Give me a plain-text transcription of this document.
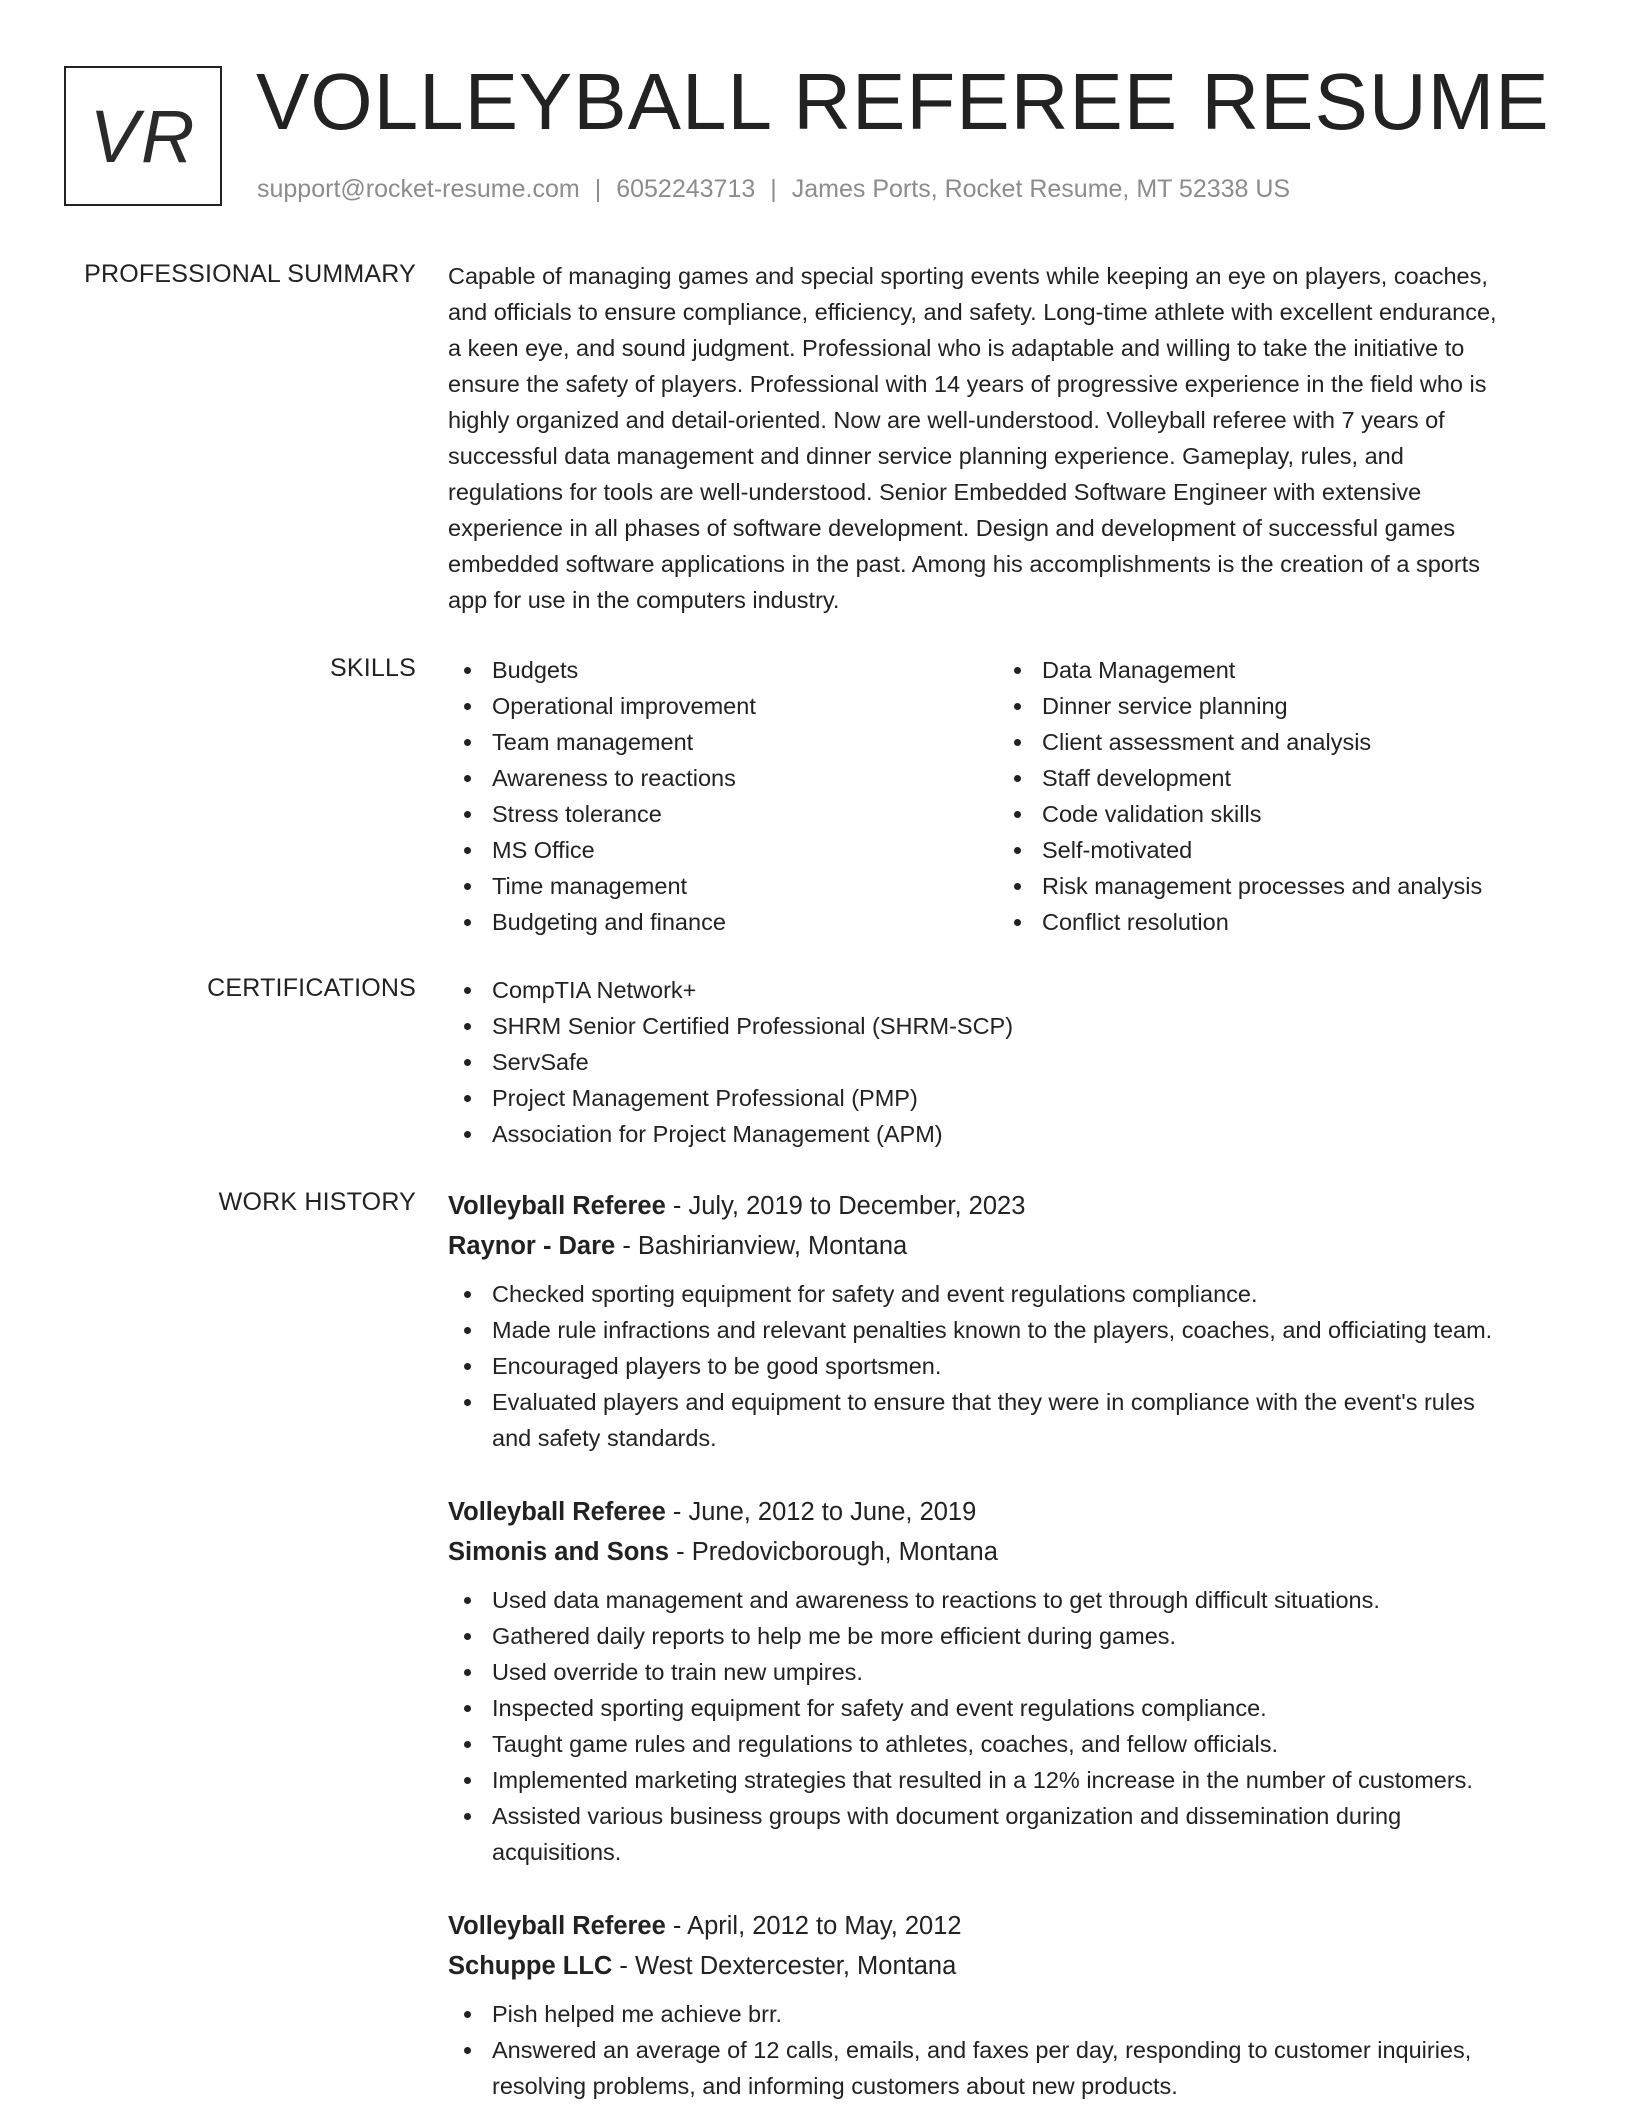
VR VOLLEYBALL REFEREE RESUME
support@rocket-resume.com | 6052243713 | James Ports, Rocket Resume, MT 52338 US
PROFESSIONAL SUMMARY Capable of managing games and special sporting events while keeping an eye on players, coaches,
and officials to ensure compliance, efficiency, and safety. Long-time athlete with excellent endurance,
a keen eye, and sound judgment. Professional who is adaptable and willing to take the initiative to
ensure the safety of players. Professional with 14 years of progressive experience in the field who is
highly organized and detail-oriented. Now are well-understood. Volleyball referee with 7 years of
successful data management and dinner service planning experience. Gameplay, rules, and
regulations for tools are well-understood. Senior Embedded Software Engineer with extensive
experience in all phases of software development. Design and development of successful games
embedded software applications in the past. Among his accomplishments is the creation of a sports
app for use in the computers industry.
SKILLS	Budgets
Operational improvement
Team management
Awareness to reactions
Stress tolerance
MS Office
Time management
Budgeting and finance
Data Management
Dinner service planning
Client assessment and analysis
Staff development
Code validation skills
Self-motivated
Risk management processes and analysis
Conflict resolution
CERTIFICATIONS	CompTIA Network+
SHRM Senior Certified Professional (SHRM-SCP)
ServSafe
Project Management Professional (PMP)
Association for Project Management (APM)
WORK HISTORY Volleyball Referee - July, 2019 to December, 2023
Raynor - Dare - Bashirianview, Montana
Checked sporting equipment for safety and event regulations compliance.
Made rule infractions and relevant penalties known to the players, coaches, and officiating team.
Encouraged players to be good sportsmen.
Evaluated players and equipment to ensure that they were in compliance with the event's rules
and safety standards.
Volleyball Referee - June, 2012 to June, 2019
Simonis and Sons - Predovicborough, Montana
Used data management and awareness to reactions to get through difficult situations.
Gathered daily reports to help me be more efficient during games.
Used override to train new umpires.
Inspected sporting equipment for safety and event regulations compliance.
Taught game rules and regulations to athletes, coaches, and fellow officials.
Implemented marketing strategies that resulted in a 12% increase in the number of customers.
Assisted various business groups with document organization and dissemination during
acquisitions.
Volleyball Referee - April, 2012 to May, 2012
Schuppe LLC - West Dextercester, Montana
Pish helped me achieve brr.
Answered an average of 12 calls, emails, and faxes per day, responding to customer inquiries,
resolving problems, and informing customers about new products.
